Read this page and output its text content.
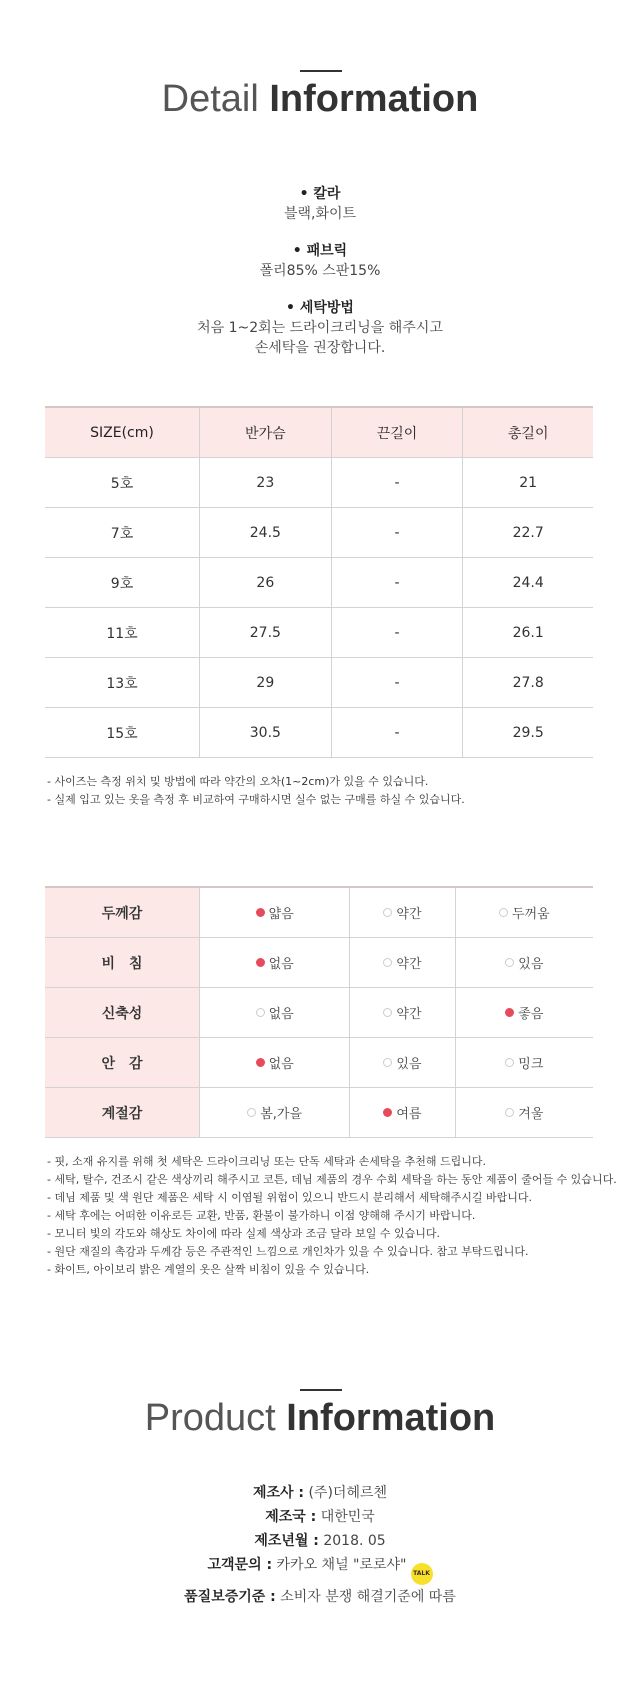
Detail Information
• 칼라
블랙,화이트
• 패브릭
폴리85% 스판15%
• 세탁방법
처음 1~2회는 드라이크리닝을 해주시고
손세탁을 권장합니다.
SIZE(cm)	반가슴	끈길이	총길이
5호	23	-	21
7호	24.5	-	22.7
9호	26	-	24.4
11호	27.5	-	26.1
13호	29	-	27.8
15호	30.5	-	29.5
- 사이즈는 측정 위치 및 방법에 따라 약간의 오차(1~2cm)가 있을 수 있습니다.
- 실제 입고 있는 옷을 측정 후 비교하여 구매하시면 실수 없는 구매를 하실 수 있습니다.
두께감	얇음	약간	두꺼움
비　침	없음	약간	있음
신축성	없음	약간	좋음
안　감	없음	있음	밍크
계절감	봄,가을	여름	겨울
- 핏, 소재 유지를 위해 첫 세탁은 드라이크리닝 또는 단독 세탁과 손세탁을 추천해 드립니다.
- 세탁, 탈수, 건조시 같은 색상끼리 해주시고 코튼, 데님 제품의 경우 수회 세탁을 하는 동안 제품이 줄어들 수 있습니다.
- 데님 제품 및 색 원단 제품은 세탁 시 이염될 위험이 있으니 반드시 분리해서 세탁해주시길 바랍니다.
- 세탁 후에는 어떠한 이유로든 교환, 반품, 환불이 불가하니 이점 양해해 주시기 바랍니다.
- 모니터 빛의 각도와 해상도 차이에 따라 실제 색상과 조금 달라 보일 수 있습니다.
- 원단 재질의 촉감과 두께감 등은 주관적인 느낌으로 개인차가 있을 수 있습니다. 참고 부탁드립니다.
- 화이트, 아이보리 밝은 계열의 옷은 살짝 비침이 있을 수 있습니다.
Product Information
제조사 : (주)더헤르첸
제조국 : 대한민국
제조년월 : 2018. 05
고객문의 : 카카오 채널 "로로샤"TALK
품질보증기준 : 소비자 분쟁 해결기준에 따름
